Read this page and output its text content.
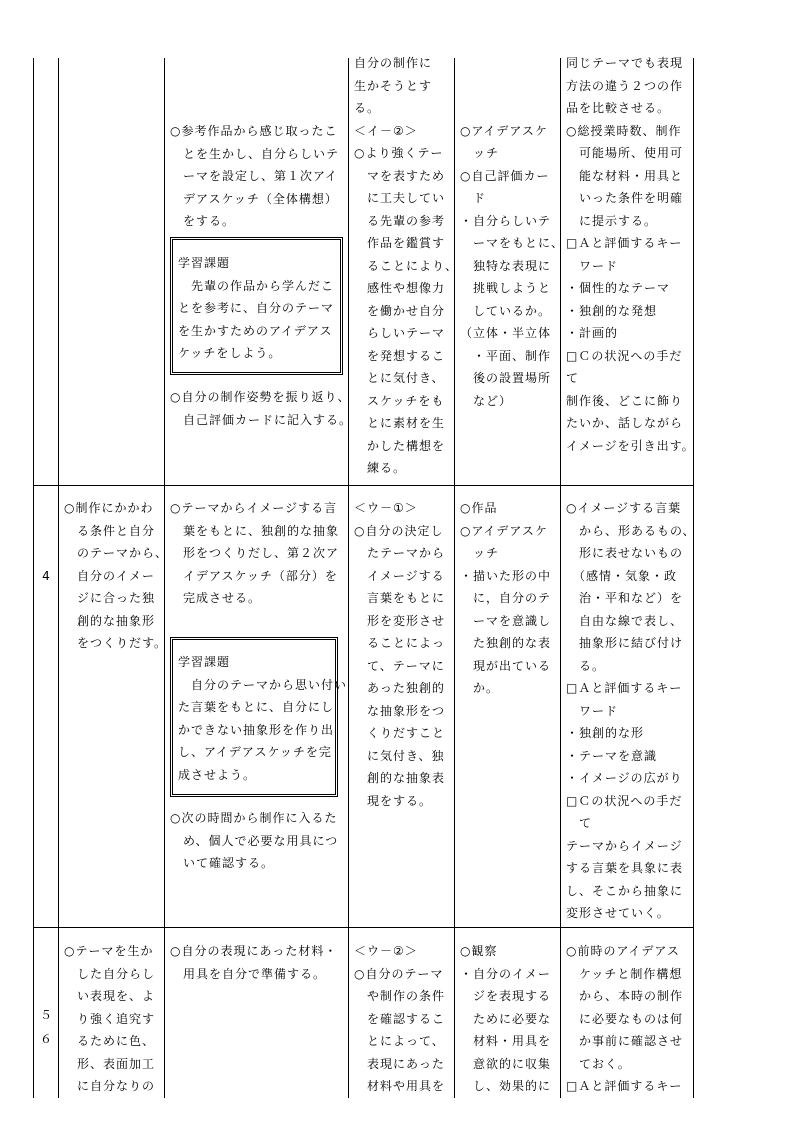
○参考作品から感じ取ったこ
　とを生かし、自分らしいテ
　ーマを設定し、第１次アイ
　デアスケッチ（全体構想）
　をする。
学習課題
　先輩の作品から学んだこ
とを参考に、自分のテーマ
を生かすためのアイデアス
ケッチをしよう。
○自分の制作姿勢を振り返り、
　自己評価カードに記入する。
自分の制作に
生かそうとす
る。
＜イ－②＞
○より強くテー
　マを表すため
　に工夫してい
　る先輩の参考
　作品を鑑賞す
　ることにより、
　感性や想像力
　を働かせ自分
　らしいテーマ
　を発想するこ
　とに気付き、
　スケッチをも
　とに素材を生
　かした構想を
　練る。

○アイデアスケ
　ッチ
○自己評価カー
　ド
・自分らしいテ
　ーマをもとに、
　独特な表現に
　挑戦しようと
　しているか。
（立体・半立体
　・平面、制作
　後の設置場所
　など）
同じテーマでも表現
方法の違う２つの作
品を比較させる。
○総授業時数、制作
　可能場所、使用可
　能な材料・用具と
　いった条件を明確
　に提示する。
□Ａと評価するキー
　ワード
・個性的なテーマ
・独創的な発想
・計画的
□Ｃの状況への手だ
て
制作後、どこに飾り
たいか、話しながら
イメージを引き出す。
4
○制作にかかわ
　る条件と自分
　のテーマから、
　自分のイメー
　ジに合った独
　創的な抽象形
　をつくりだす。
○テーマからイメージする言
　葉をもとに、独創的な抽象
　形をつくりだし、第２次ア
　イデアスケッチ（部分）を
　完成させる。
学習課題
　自分のテーマから思い付い
た言葉をもとに、自分にし
かできない抽象形を作り出
し、アイデアスケッチを完
成させよう。
○次の時間から制作に入るた
　め、個人で必要な用具につ
　いて確認する。
＜ウ－①＞
○自分の決定し
　たテーマから
　イメージする
　言葉をもとに
　形を変形させ
　ることによっ
　て、テーマに
　あった独創的
　な抽象形をつ
　くりだすこと
　に気付き、独
　創的な抽象表
　現をする。
○作品
○アイデアスケ
　ッチ
・描いた形の中
　に，自分のテ
　ーマを意識し
　た独創的な表
　現が出ている
　か。
○イメージする言葉
　から、形あるもの、
　形に表せないもの
　（感情・気象・政
　治・平和など）を
　自由な線で表し、
　抽象形に結び付け
　る。
□Ａと評価するキー
　ワード
・独創的な形
・テーマを意識
・イメージの広がり
□Ｃの状況への手だ
　て
テーマからイメージ
する言葉を具象に表
し、そこから抽象に
変形させていく。
５
６
○テーマを生か
　した自分らし
　い表現を、よ
　り強く追究す
　るために色、
　形、表面加工
　に自分なりの
○自分の表現にあった材料・
　用具を自分で準備する。
＜ウ－②＞
○自分のテーマ
　や制作の条件
　を確認するこ
　とによって、
　表現にあった
　材料や用具を
○観察
・自分のイメー
　ジを表現する
　ために必要な
　材料・用具を
　意欲的に収集
　し、効果的に
○前時のアイデアス
　ケッチと制作構想
　から、本時の制作
　に必要なものは何
　か事前に確認させ
　ておく。
□Ａと評価するキー
